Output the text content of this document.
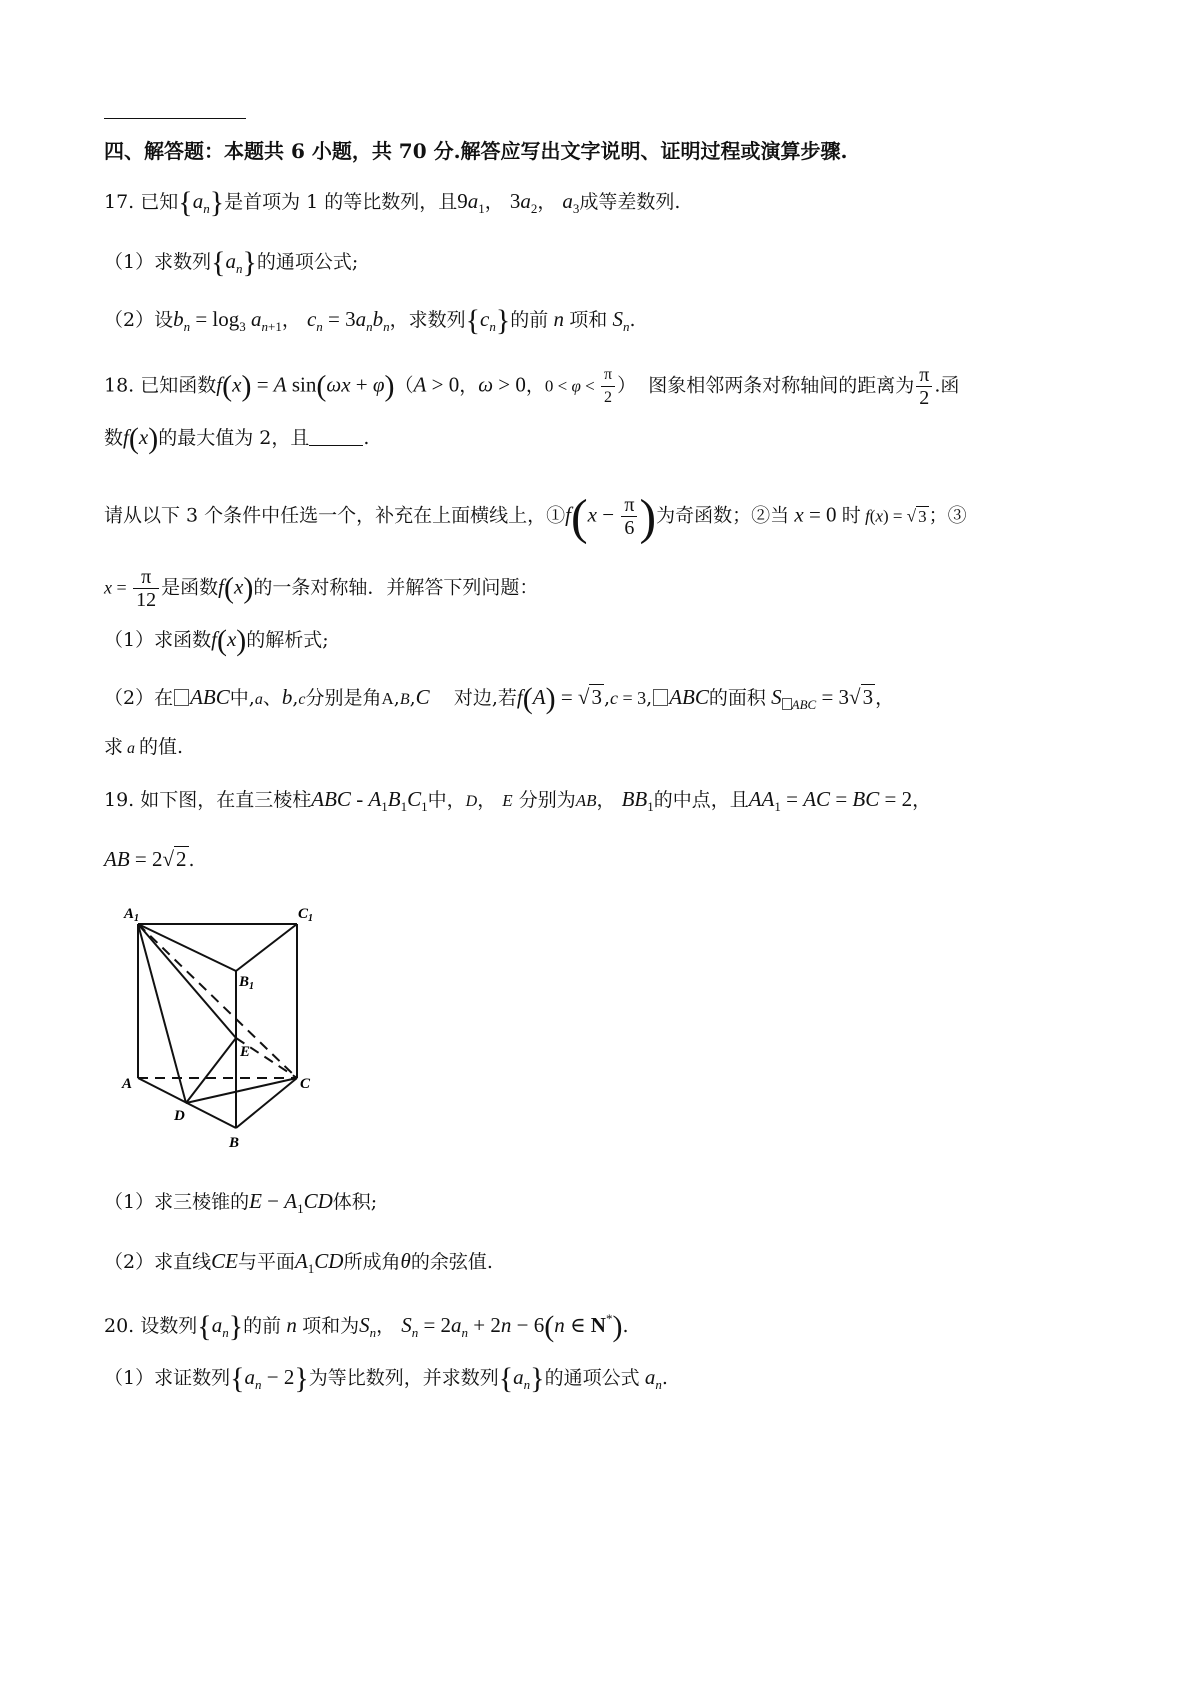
四、解答题：本题共 6 小题，共 70 分.解答应写出文字说明、证明过程或演算步骤.
17. 已知$\{a_n\}$是首项为 1 的等比数列，且$9a_1$， $3a_2$， $a_3$成等差数列.
（1）求数列$\{a_n\}$的通项公式;
（2）设$b_n = \log_3 a_{n+1}$， $c_n = 3a_nb_n$，求数列$\{c_n\}$的前 n 项和 $S_n$.
18. 已知函数f(x) = A sin(ωx + φ)（A > 0，ω > 0，$0 < \varphi < \frac{\pi}{2}$ ） 图象相邻两条对称轴间的距离为 $\frac{\pi}{2}$ .函
数f(x)的最大值为 2，且	.
请从以下 3 个条件中任选一个，补充在上面横线上，①f(x − $\frac{\pi}{6}$ )为奇函数；②当 x = 0 时 f(x) = √ 3 ；③
$x = \frac{\pi}{12}$ 是函数f(x)的一条对称轴．并解答下列问题：
（1）求函数f(x)的解析式;
（2）在 ABC中,a、b,c分别是角A,B,C 对边,若f(A) = √3 ,c = 3, ABC的面积 S $_{ABC}$ = 3√3 ，
求 a 的值.
19. 如下图，在直三棱柱ABC - $A_1B_1C_1$中，D， E 分别为AB， $BB_1$的中点，且$AA_1$ = AC = BC = 2，
AB = 2√2 .
$A_1$	$C_1$
$B_1$
E
A	C
D
B
（1）求三棱锥的$E - A_1CD$体积;
（2）求直线CE与平面$A_1CD$所成角θ的余弦值.
20. 设数列$\{a_n\}$的前 n 项和为$S_n$， $S_n = 2a_n + 2n - 6(n$ ∈ N*).
（1）求证数列$\{a_n - 2\}$为等比数列，并求数列$\{a_n\}$的通项公式 $a_n$.
